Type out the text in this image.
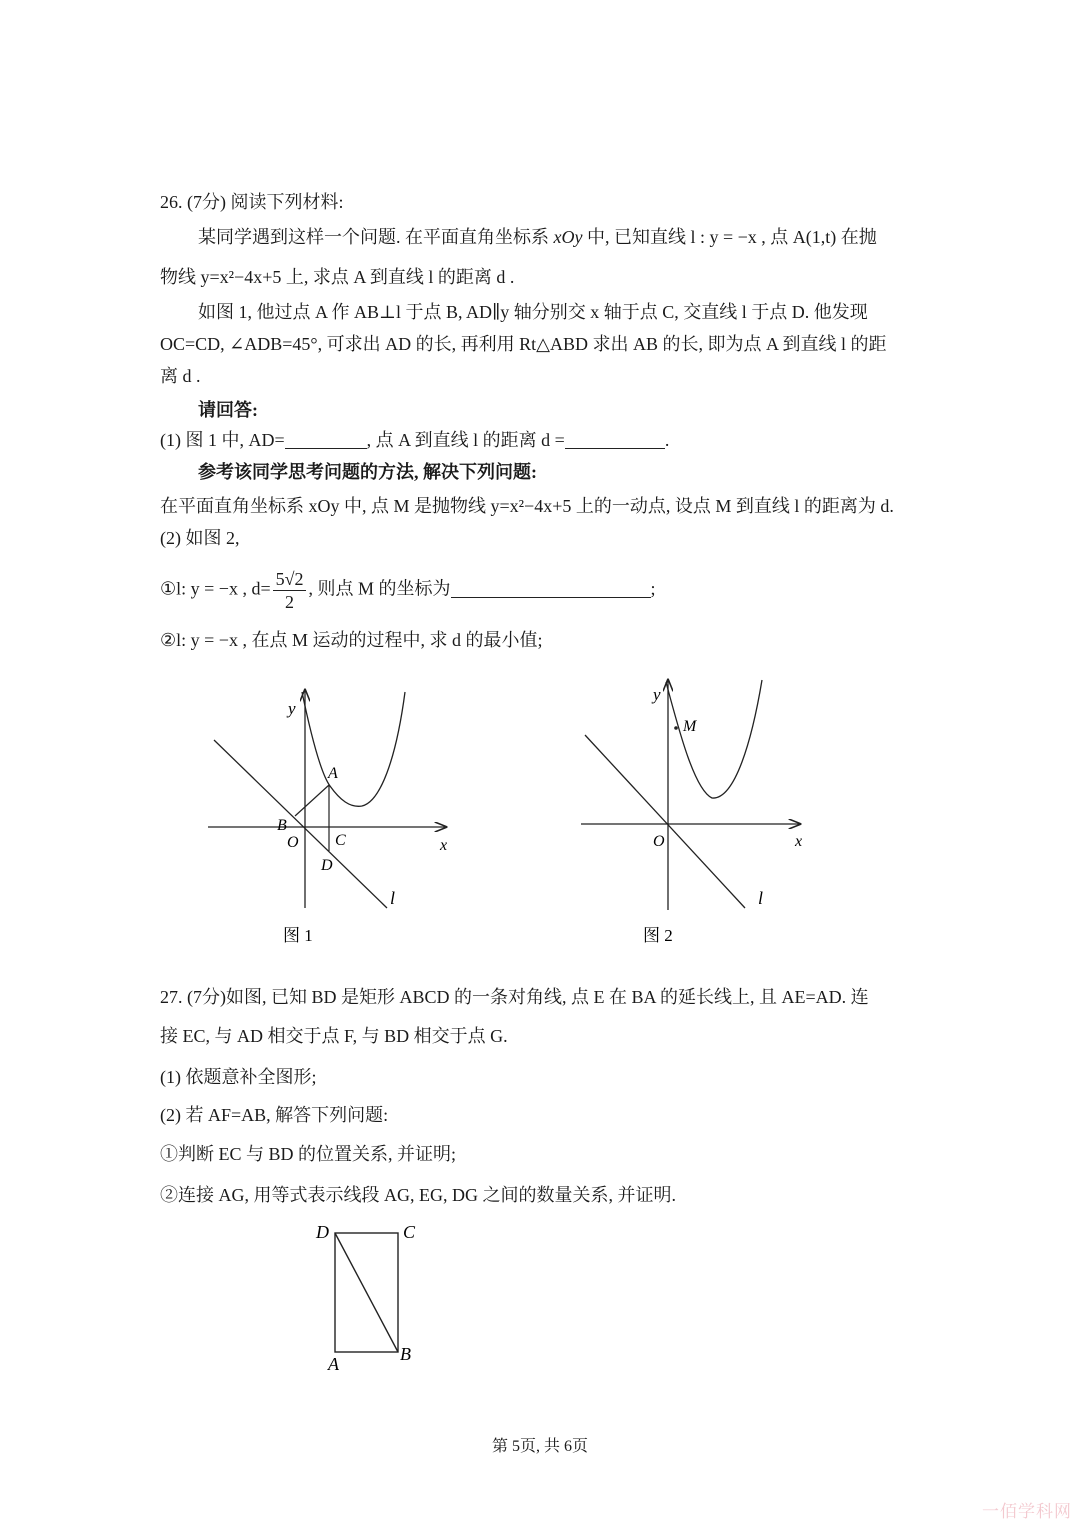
26. (7分) 阅读下列材料:
某同学遇到这样一个问题. 在平面直角坐标系 xOy 中, 已知直线 l : y = −x , 点 A(1,t) 在抛
物线 y=x²−4x+5 上, 求点 A 到直线 l 的距离 d .
如图 1, 他过点 A 作 AB⊥l 于点 B, AD∥y 轴分别交 x 轴于点 C, 交直线 l 于点 D. 他发现
OC=CD, ∠ADB=45°, 可求出 AD 的长, 再利用 Rt△ABD 求出 AB 的长, 即为点 A 到直线 l 的距
离 d .
请回答:
(1) 图 1 中, AD=	, 点 A 到直线 l 的距离 d =	.
参考该同学思考问题的方法, 解决下列问题:
在平面直角坐标系 xOy 中, 点 M 是抛物线 y=x²−4x+5 上的一动点, 设点 M 到直线 l 的距离为 d.
(2) 如图 2,
①l: y = −x , $d= \frac{5√2}{2}$ , 则点 M 的坐标为	;
②l: y = −x , 在点 M 运动的过程中, 求 d 的最小值;
y
A
B
O C
D
x
l
图 1
y
M
O	x
l
图 2
27. (7分)如图, 已知 BD 是矩形 ABCD 的一条对角线, 点 E 在 BA 的延长线上, 且 AE=AD. 连
接 EC, 与 AD 相交于点 F, 与 BD 相交于点 G.
(1) 依题意补全图形;
(2) 若 AF=AB, 解答下列问题:
①判断 EC 与 BD 的位置关系, 并证明;
②连接 AG, 用等式表示线段 AG, EG, DG 之间的数量关系, 并证明.
D	C
A	B
第 5页, 共 6页
一佰学科网
